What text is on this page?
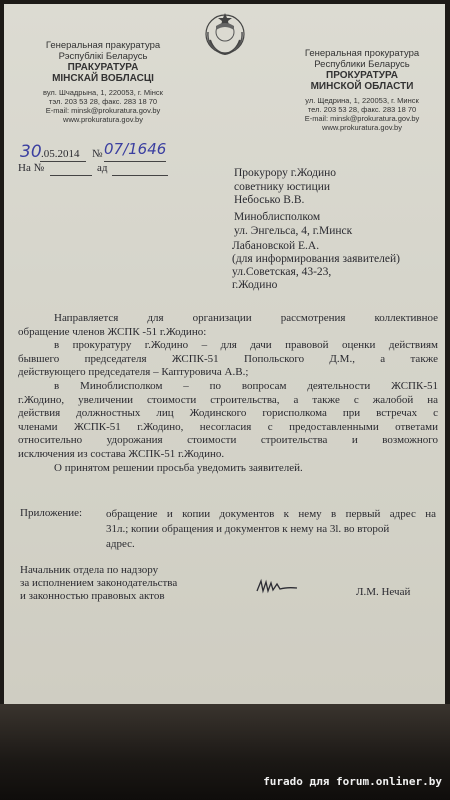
Генеральная пракуратура
Рэспублікі Беларусь
ПРАКУРАТУРА
МІНСКАЙ ВОБЛАСЦІ
вул. Шчадрына, 1, 220053, г. Мінск
тэл. 203 53 28, факс. 283 18 70
E-mail: minsk@prokuratura.gov.by
www.prokuratura.gov.by
Генеральная прокуратура
Республики Беларусь
ПРОКУРАТУРА
МИНСКОЙ ОБЛАСТИ
ул. Щедрина, 1, 220053, г. Минск
тел. 203 53 28, факс. 283 18 70
E-mail: minsk@prokuratura.gov.by
www.prokuratura.gov.by
30 .05.2014 № 07/1646
На №	ад	Прокурору г.Жодино
советнику юстиции
Небосько В.В.
Миноблисполком
ул. Энгельса, 4, г.Минск
Лабановской Е.А.
(для информирования заявителей)
ул.Советская, 43-23,
г.Жодино
Направляется для организации рассмотрения коллективное
обращение членов ЖСПК -51 г.Жодино:
в прокуратуру г.Жодино – для дачи правовой оценки действиям
бывшего председателя ЖСПК-51 Попольского Д.М., а также
действующего председателя – Каптуровича А.В.;
в Миноблисполком – по вопросам деятельности ЖСПК-51
г.Жодино, увеличении стоимости строительства, а также с жалобой на
действия должностных лиц Жодинского горисполкома при встречах с
членами ЖСПК-51 г.Жодино, несогласия с предоставленными ответами
относительно удорожания стоимости строительства и возможного
исключения из состава ЖСПК-51 г.Жодино.
О принятом решении просьба уведомить заявителей.
Приложение: обращение и копии документов к нему в первый адрес на
31л.; копии обращения и документов к нему на 3l. во второй
адрес.
Начальник отдела по надзору
за исполнением законодательства
и законностью правовых актов	Л.М. Нечай
furado для forum.onliner.by
